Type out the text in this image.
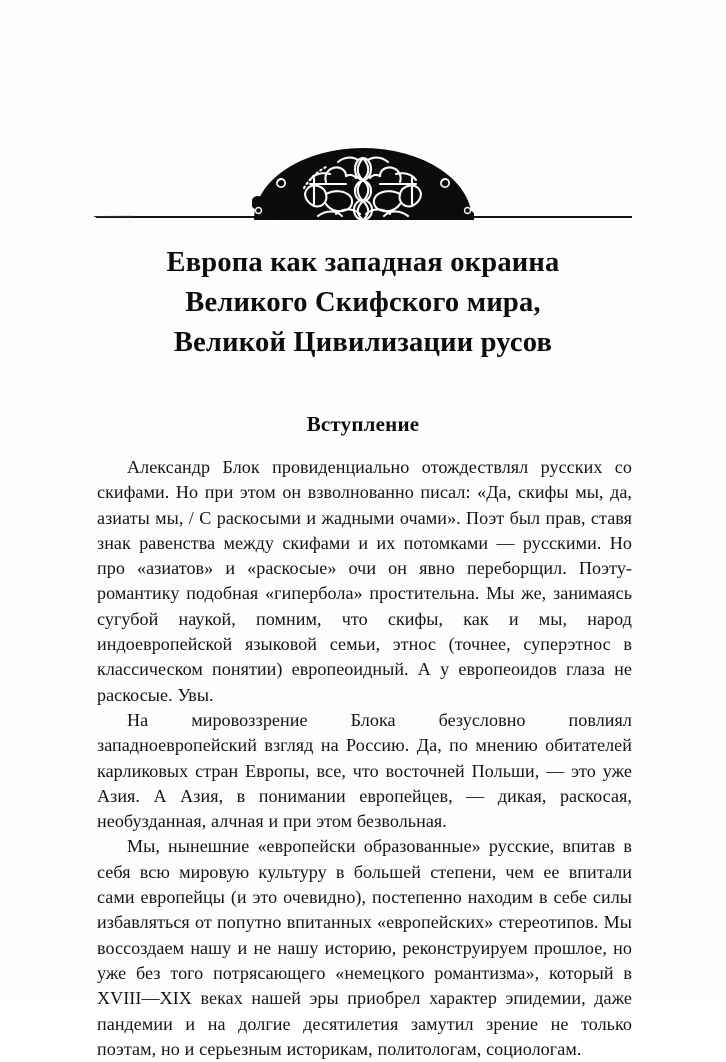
Европа как западная окраина
Великого Скифского мира,
Великой Цивилизации русов
Вступление

Александр Блок провиденциально отождествлял русских со скифами. Но при этом он взволнованно писал: «Да, скифы мы, да, азиаты мы, / С раскосыми и жадными очами». Поэт был прав, ставя знак равенства между скифами и их потомками — русскими. Но про «азиатов» и «раскосые» очи он явно переборщил. Поэту-романтику подобная «гипербола» простительна. Мы же, занимаясь сугубой наукой, помним, что скифы, как и мы, народ индоевропейской языковой семьи, этнос (точнее, суперэтнос в классическом понятии) европеоидный. А у европеоидов глаза не раскосые. Увы.

На мировоззрение Блока безусловно повлиял западноевропейский взгляд на Россию. Да, по мнению обитателей карликовых стран Европы, все, что восточней Польши, — это уже Азия. А Азия, в понимании европейцев, — дикая, раскосая, необузданная, алчная и при этом безвольная.

Мы, нынешние «европейски образованные» русские, впитав в себя всю мировую культуру в большей степени, чем ее впитали сами европейцы (и это очевидно), постепенно находим в себе силы избавляться от попутно впитанных «европейских» стереотипов. Мы воссоздаем нашу и не нашу историю, реконструируем прошлое, но уже без того потрясающего «немецкого романтизма», который в XVIII—XIX веках нашей эры приобрел характер эпидемии, даже пандемии и на долгие десятилетия замутил зрение не только поэтам, но и серьезным историкам, политологам, социологам.
